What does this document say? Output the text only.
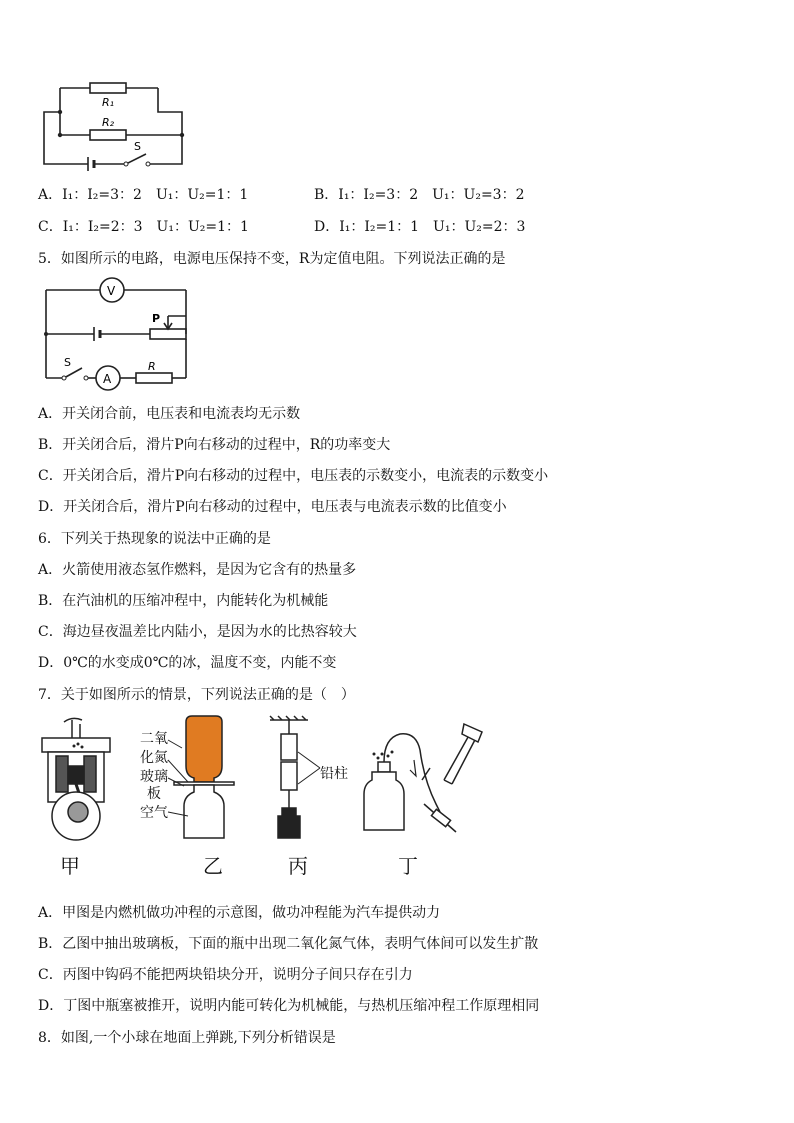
R₁
R₂
S
A．I₁：I₂=3：2　U₁：U₂=1：1	B．I₁：I₂=3：2　U₁：U₂=3：2
C．I₁：I₂=2：3　U₁：U₂=1：1	D．I₁：I₂=1：1　U₁：U₂=2：3
5．如图所示的电路，电源电压保持不变，R为定值电阻。下列说法正确的是
V
A
P
S	R
A．开关闭合前，电压表和电流表均无示数
B．开关闭合后，滑片P向右移动的过程中，R的功率变大
C．开关闭合后，滑片P向右移动的过程中，电压表的示数变小，电流表的示数变小
D．开关闭合后，滑片P向右移动的过程中，电压表与电流表示数的比值变小
6．下列关于热现象的说法中正确的是
A．火箭使用液态氢作燃料，是因为它含有的热量多
B．在汽油机的压缩冲程中，内能转化为机械能
C．海边昼夜温差比内陆小，是因为水的比热容较大
D．0℃的水变成0℃的冰，温度不变，内能不变
7．关于如图所示的情景，下列说法正确的是（　）
甲
二氧
化氮
玻璃
板
空气
乙
铅柱
丙	丁
A．甲图是内燃机做功冲程的示意图，做功冲程能为汽车提供动力
B．乙图中抽出玻璃板，下面的瓶中出现二氧化氮气体，表明气体间可以发生扩散
C．丙图中钩码不能把两块铅块分开，说明分子间只存在引力
D．丁图中瓶塞被推开，说明内能可转化为机械能，与热机压缩冲程工作原理相同
8．如图,一个小球在地面上弹跳,下列分析错误是
